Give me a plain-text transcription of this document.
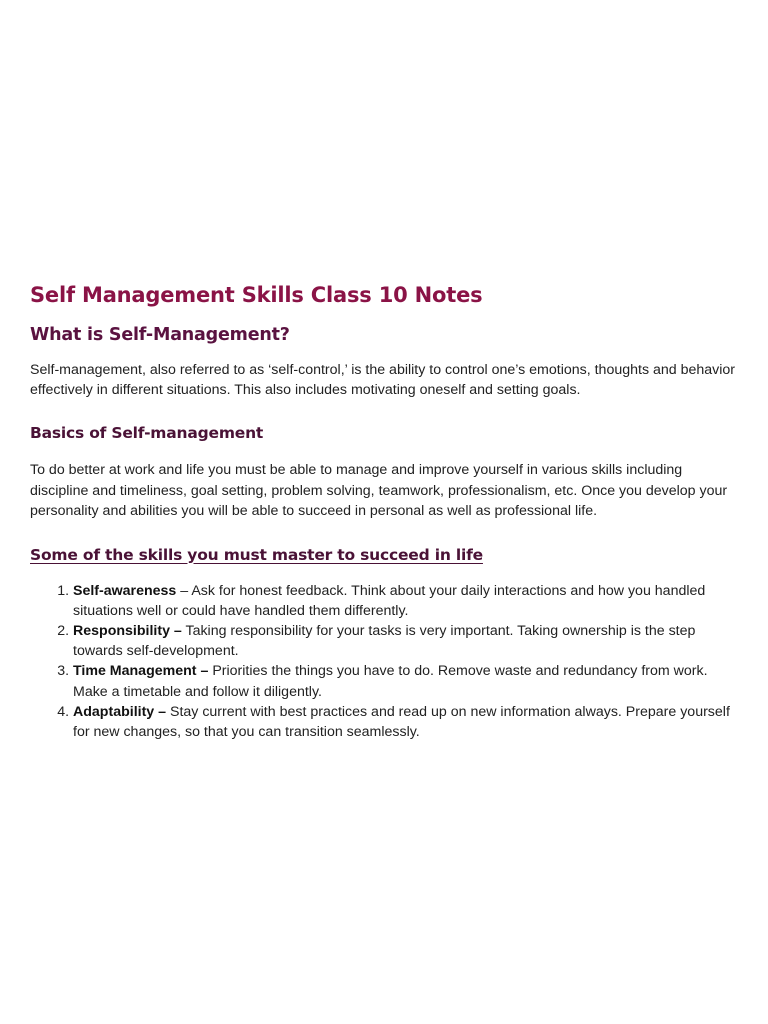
Self Management Skills Class 10 Notes
What is Self-Management?

Self-management, also referred to as ‘self-control,’ is the ability to control one’s emotions, thoughts and behavior effectively in different situations. This also includes motivating oneself and setting goals.

Basics of Self-management

To do better at work and life you must be able to manage and improve yourself in various skills including discipline and timeliness, goal setting, problem solving, teamwork, professionalism, etc. Once you develop your personality and abilities you will be able to succeed in personal as well as professional life.

Some of the skills you must master to succeed in life
1. Self-awareness – Ask for honest feedback. Think about your daily interactions and how you handled situations well or could have handled them differently.
2. Responsibility – Taking responsibility for your tasks is very important. Taking ownership is the step towards self-development.
3. Time Management – Priorities the things you have to do. Remove waste and redundancy from work. Make a timetable and follow it diligently.
4. Adaptability – Stay current with best practices and read up on new information always. Prepare yourself for new changes, so that you can transition seamlessly.
